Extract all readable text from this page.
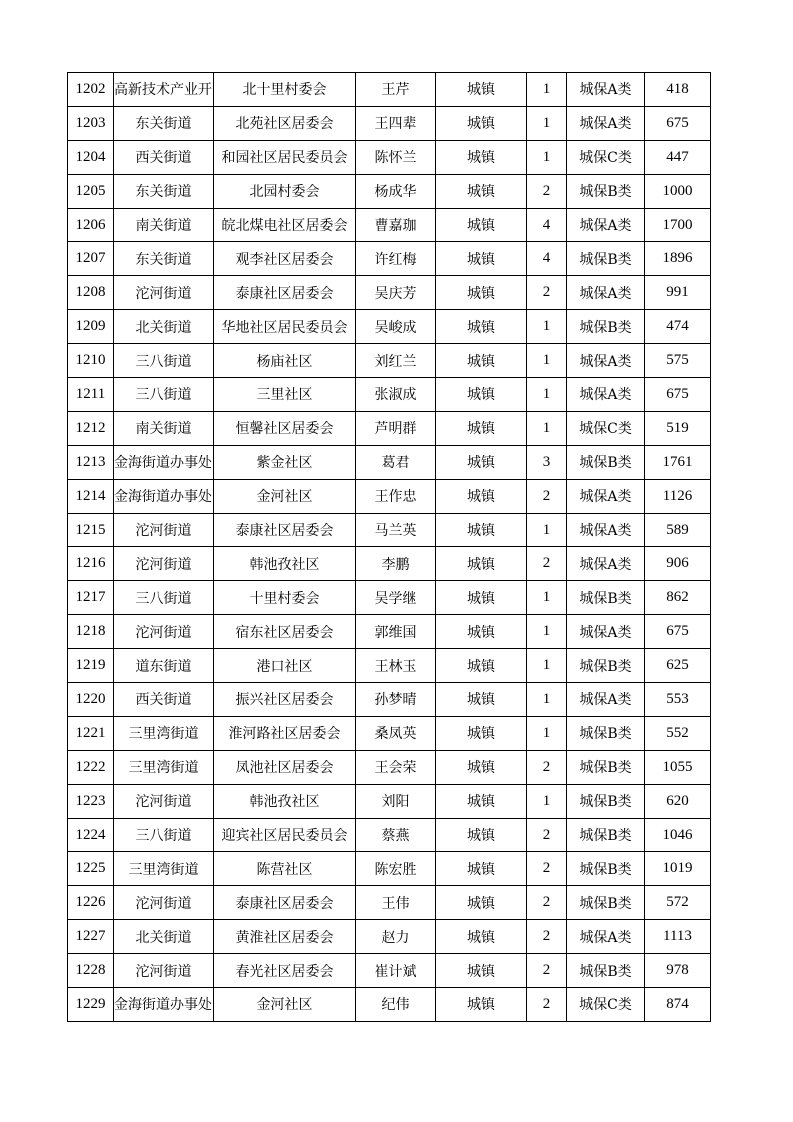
1202	高新技术产业开	北十里村委会	王芹	城镇	1	城保A类	418
1203	东关街道	北苑社区居委会	王四辈	城镇	1	城保A类	675
1204	西关街道	和园社区居民委员会	陈怀兰	城镇	1	城保C类	447
1205	东关街道	北园村委会	杨成华	城镇	2	城保B类	1000
1206	南关街道	皖北煤电社区居委会	曹嘉珈	城镇	4	城保A类	1700
1207	东关街道	观李社区居委会	许红梅	城镇	4	城保B类	1896
1208	沱河街道	泰康社区居委会	吴庆芳	城镇	2	城保A类	991
1209	北关街道	华地社区居民委员会	吴峻成	城镇	1	城保B类	474
1210	三八街道	杨庙社区	刘红兰	城镇	1	城保A类	575
1211	三八街道	三里社区	张淑成	城镇	1	城保A类	675
1212	南关街道	恒馨社区居委会	芦明群	城镇	1	城保C类	519
1213	金海街道办事处	紫金社区	葛君	城镇	3	城保B类	1761
1214	金海街道办事处	金河社区	王作忠	城镇	2	城保A类	1126
1215	沱河街道	泰康社区居委会	马兰英	城镇	1	城保A类	589
1216	沱河街道	韩池孜社区	李鹏	城镇	2	城保A类	906
1217	三八街道	十里村委会	吴学继	城镇	1	城保B类	862
1218	沱河街道	宿东社区居委会	郭维国	城镇	1	城保A类	675
1219	道东街道	港口社区	王林玉	城镇	1	城保B类	625
1220	西关街道	振兴社区居委会	孙梦晴	城镇	1	城保A类	553
1221	三里湾街道	淮河路社区居委会	桑凤英	城镇	1	城保B类	552
1222	三里湾街道	凤池社区居委会	王会荣	城镇	2	城保B类	1055
1223	沱河街道	韩池孜社区	刘阳	城镇	1	城保B类	620
1224	三八街道	迎宾社区居民委员会	蔡燕	城镇	2	城保B类	1046
1225	三里湾街道	陈营社区	陈宏胜	城镇	2	城保B类	1019
1226	沱河街道	泰康社区居委会	王伟	城镇	2	城保B类	572
1227	北关街道	黄淮社区居委会	赵力	城镇	2	城保A类	1113
1228	沱河街道	春光社区居委会	崔计斌	城镇	2	城保B类	978
1229	金海街道办事处	金河社区	纪伟	城镇	2	城保C类	874
